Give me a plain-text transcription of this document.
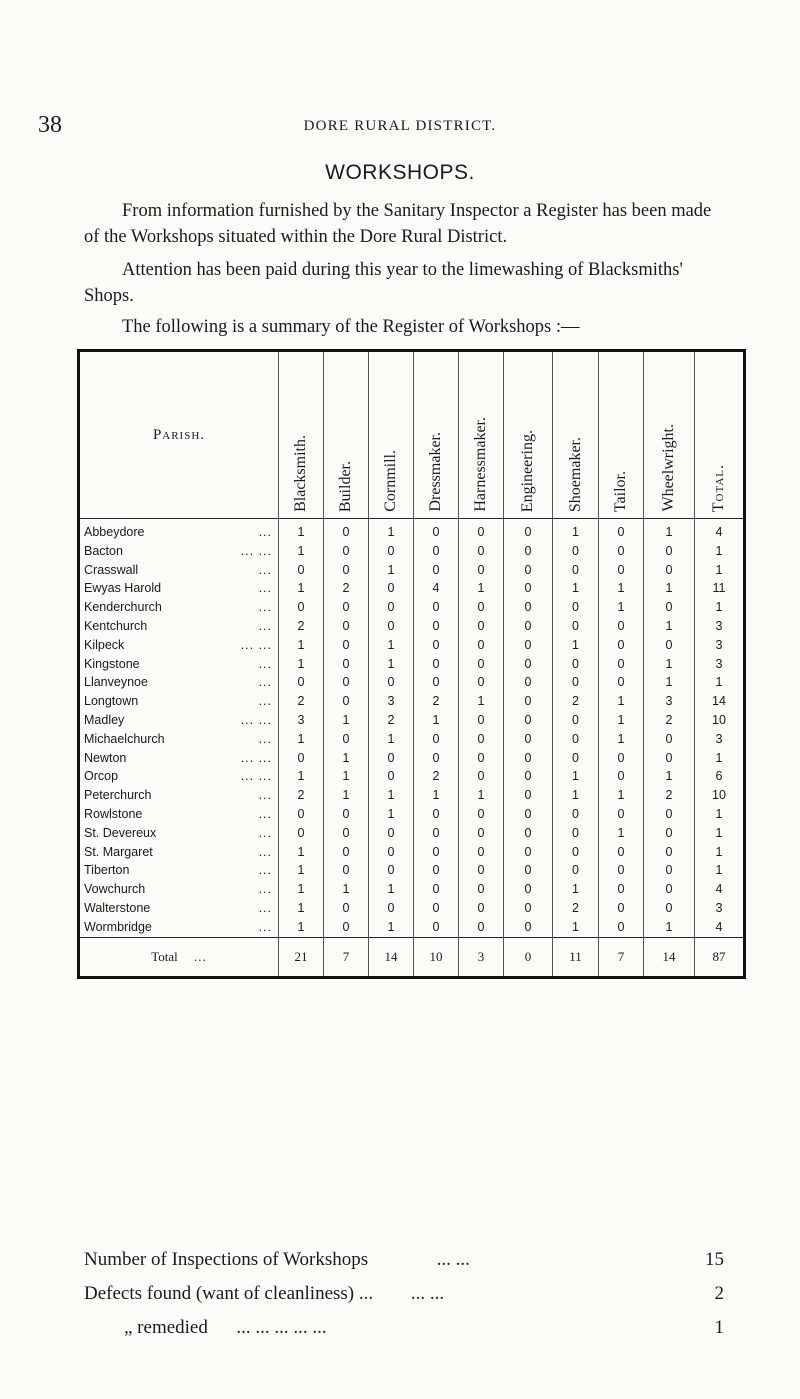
38	DORE RURAL DISTRICT.
WORKSHOPS.

From information furnished by the Sanitary Inspector a Register has been made of the Workshops situated within the Dore Rural District.

Attention has been paid during this year to the limewashing of Blacksmiths' Shops.

The following is a summary of the Register of Workshops :—

Parish.	Blacksmith.	Builder.	Cornmill.	Dressmaker.	Harnessmaker.	Engineering.	Shoemaker.	Tailor.	Wheelwright.	Total.

Abbeydore ...	1	0	1	0	0	0	1	0	1	4
Bacton ... ...	1	0	0	0	0	0	0	0	0	1
Crasswall ...	0	0	1	0	0	0	0	0	0	1
Ewyas Harold ...	1	2	0	4	1	0	1	1	1	11
Kenderchurch ...	0	0	0	0	0	0	0	1	0	1
Kentchurch ...	2	0	0	0	0	0	0	0	1	3
Kilpeck ... ...	1	0	1	0	0	0	1	0	0	3
Kingstone ...	1	0	1	0	0	0	0	0	1	3
Llanveynoe ...	0	0	0	0	0	0	0	0	1	1
Longtown ...	2	0	3	2	1	0	2	1	3	14
Madley ... ...	3	1	2	1	0	0	0	1	2	10
Michaelchurch ...	1	0	1	0	0	0	0	1	0	3
Newton ... ...	0	1	0	0	0	0	0	0	0	1
Orcop ... ...	1	1	0	2	0	0	1	0	1	6
Peterchurch ...	2	1	1	1	1	0	1	1	2	10
Rowlstone ...	0	0	1	0	0	0	0	0	0	1
St. Devereux ...	0	0	0	0	0	0	0	1	0	1
St. Margaret ...	1	0	0	0	0	0	0	0	0	1
Tiberton ...	1	0	0	0	0	0	0	0	0	1
Vowchurch ...	1	1	1	0	0	0	1	0	0	4
Walterstone ...	1	0	0	0	0	0	2	0	0	3
Wormbridge ...	1	0	1	0	0	0	1	0	1	4
Total ...	21	7	14	10	3	0	11	7	14	87
Number of Inspections of Workshops	... ...	15
Defects found (want of cleanliness) ... ... ...	2
„ remedied ... ... ... ... ...	1
